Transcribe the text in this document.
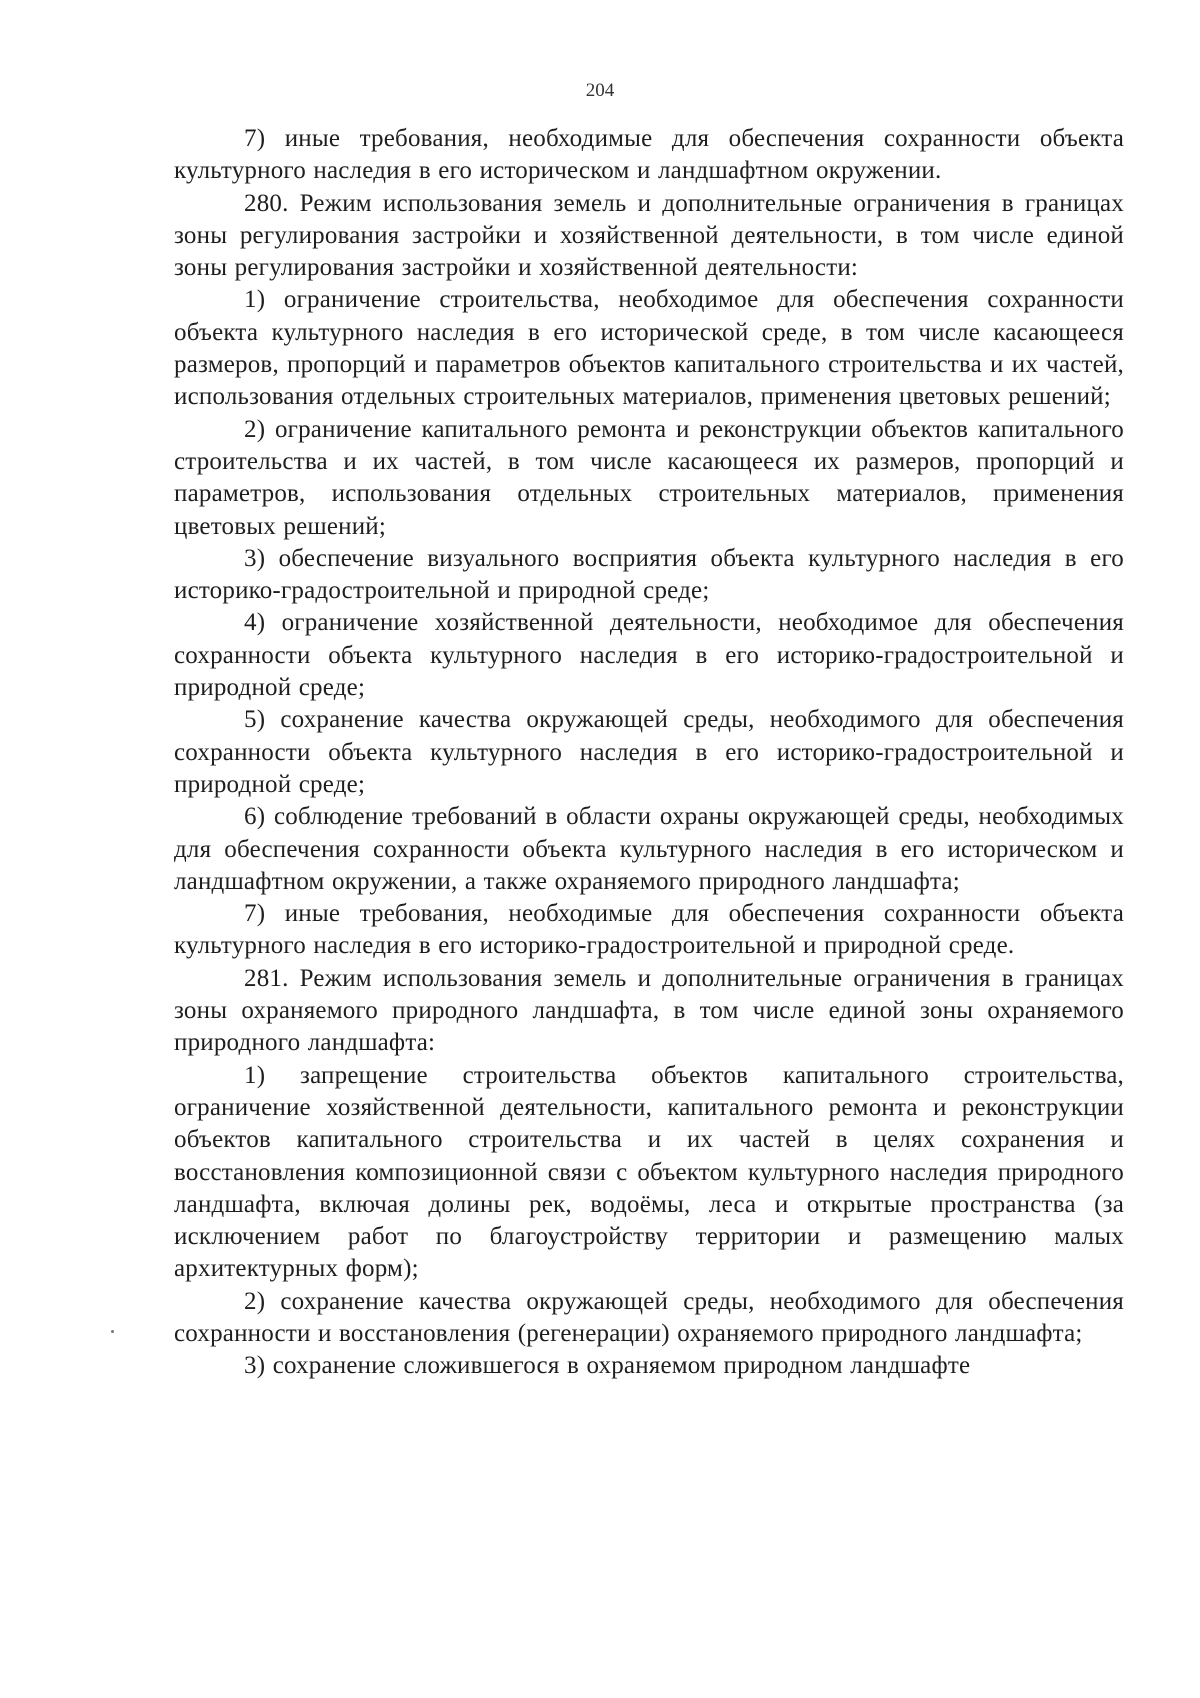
204

7) иные требования, необходимые для обеспечения сохранности объекта культурного наследия в его историческом и ландшафтном окружении.

280. Режим использования земель и дополнительные ограничения в границах зоны регулирования застройки и хозяйственной деятельности, в том числе единой зоны регулирования застройки и хозяйственной деятельности:

1) ограничение строительства, необходимое для обеспечения сохранности объекта культурного наследия в его исторической среде, в том числе касающееся размеров, пропорций и параметров объектов капитального строительства и их частей, использования отдельных строительных материалов, применения цветовых решений;

2) ограничение капитального ремонта и реконструкции объектов капитального строительства и их частей, в том числе касающееся их размеров, пропорций и параметров, использования отдельных строительных материалов, применения цветовых решений;

3) обеспечение визуального восприятия объекта культурного наследия в его историко-градостроительной и природной среде;

4) ограничение хозяйственной деятельности, необходимое для обеспечения сохранности объекта культурного наследия в его историко-градостроительной и природной среде;

5) сохранение качества окружающей среды, необходимого для обеспечения сохранности объекта культурного наследия в его историко-градостроительной и природной среде;

6) соблюдение требований в области охраны окружающей среды, необходимых для обеспечения сохранности объекта культурного наследия в его историческом и ландшафтном окружении, а также охраняемого природного ландшафта;

7) иные требования, необходимые для обеспечения сохранности объекта культурного наследия в его историко-градостроительной и природной среде.

281. Режим использования земель и дополнительные ограничения в границах зоны охраняемого природного ландшафта, в том числе единой зоны охраняемого природного ландшафта:

1) запрещение строительства объектов капитального строительства, ограничение хозяйственной деятельности, капитального ремонта и реконструкции объектов капитального строительства и их частей в целях сохранения и восстановления композиционной связи с объектом культурного наследия природного ландшафта, включая долины рек, водоёмы, леса и открытые пространства (за исключением работ по благоустройству территории и размещению малых архитектурных форм);

2) сохранение качества окружающей среды, необходимого для обеспечения сохранности и восстановления (регенерации) охраняемого природного ландшафта;

3) сохранение сложившегося в охраняемом природном ландшафте
